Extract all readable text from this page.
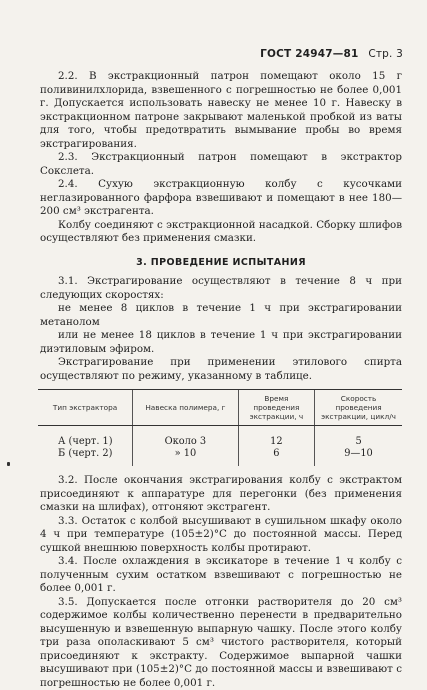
ГОСТ 24947—81 Стр. 3

2.2. В экстракционный патрон помещают около 15 г поливинилхлорида, взвешенного с погрешностью не более 0,001 г. Допускается использовать навеску не менее 10 г. Навеску в экстракционном патроне закрывают маленькой пробкой из ваты для того, чтобы предотвратить вымывание пробы во время экстрагирования.

2.3. Экстракционный патрон помещают в экстрактор Сокслета.

2.4. Сухую экстракционную колбу с кусочками неглазированного фарфора взвешивают и помещают в нее 180—200 см³ экстрагента.

Колбу соединяют с экстракционной насадкой. Сборку шлифов осуществляют без применения смазки.

3. ПРОВЕДЕНИЕ ИСПЫТАНИЯ

3.1. Экстрагирование осуществляют в течение 8 ч при следующих скоростях:

не менее 8 циклов в течение 1 ч при экстрагировании метанолом

или не менее 18 циклов в течение 1 ч при экстрагировании диэтиловым эфиром.

Экстрагирование при применении этилового спирта осуществляют по режиму, указанному в таблице.

Тип экстрактора	Навеска полимера, г	Время проведения экстракции, ч	Скорость проведения экстракции, цикл/ч
А (черт. 1)	Около 3	12	5
Б (черт. 2)	» 10	6	9—10

3.2. После окончания экстрагирования колбу с экстрактом присоединяют к аппаратуре для перегонки (без применения смазки на шлифах), отгоняют экстрагент.

3.3. Остаток с колбой высушивают в сушильном шкафу около 4 ч при температуре (105±2)°С до постоянной массы. Перед сушкой внешнюю поверхность колбы протирают.

3.4. После охлаждения в эксикаторе в течение 1 ч колбу с полученным сухим остатком взвешивают с погрешностью не более 0,001 г.

3.5. Допускается после отгонки растворителя до 20 см³ содержимое колбы количественно перенести в предварительно высушенную и взвешенную выпарную чашку. После этого колбу три раза ополаскивают 5 см³ чистого растворителя, который присоединяют к экстракту. Содержимое выпарной чашки высушивают при (105±2)°С до постоянной массы и взвешивают с погрешностью не более 0,001 г.
